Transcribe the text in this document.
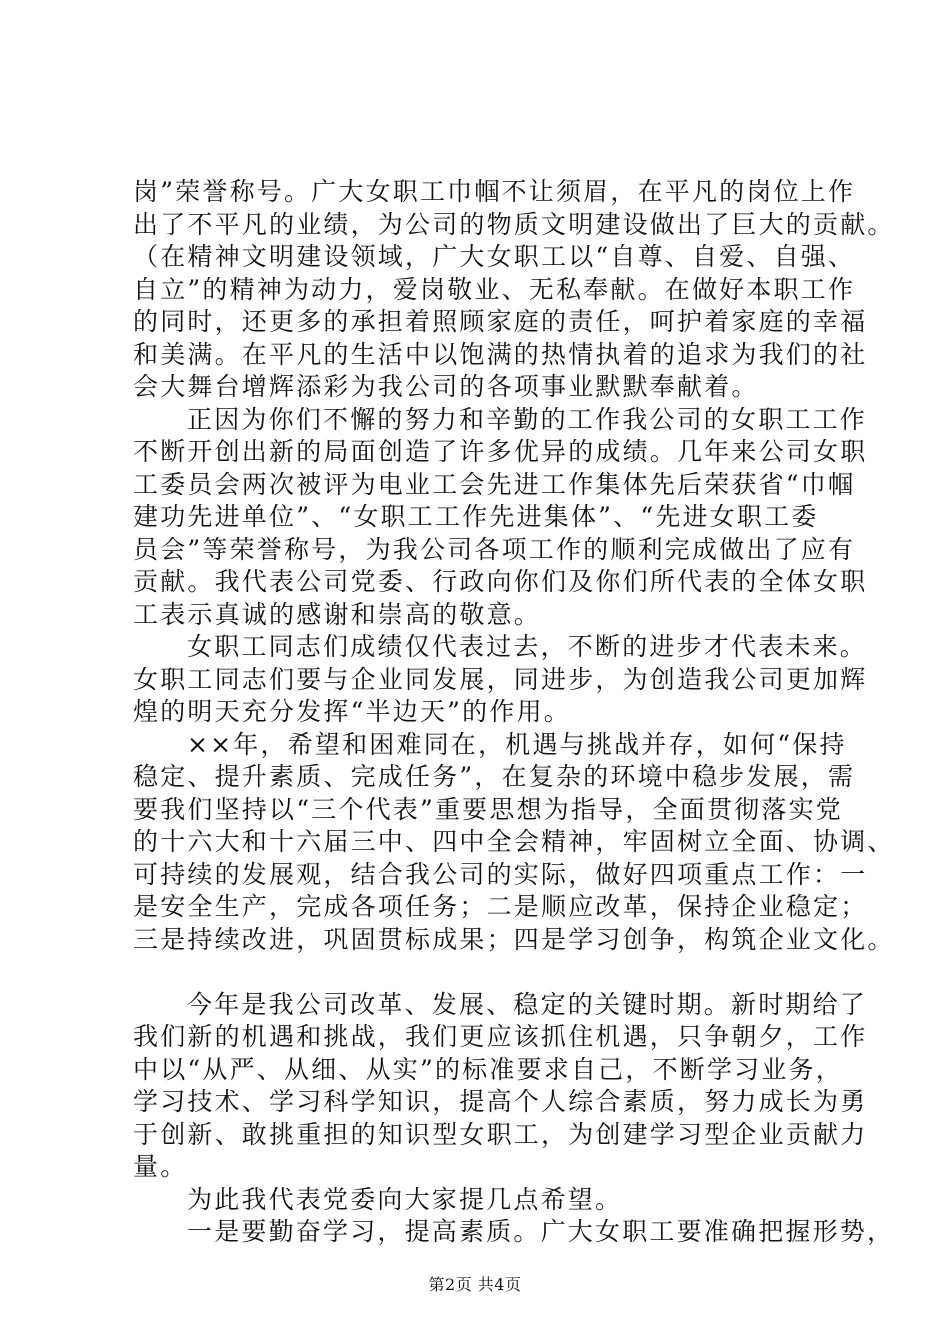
岗”荣誉称号。广大女职工巾帼不让须眉，在平凡的岗位上作
出了不平凡的业绩，为公司的物质文明建设做出了巨大的贡献。
（在精神文明建设领域，广大女职工以“自尊、自爱、自强、
自立”的精神为动力，爱岗敬业、无私奉献。在做好本职工作
的同时，还更多的承担着照顾家庭的责任，呵护着家庭的幸福
和美满。在平凡的生活中以饱满的热情执着的追求为我们的社
会大舞台增辉添彩为我公司的各项事业默默奉献着。
正因为你们不懈的努力和辛勤的工作我公司的女职工工作
不断开创出新的局面创造了许多优异的成绩。几年来公司女职
工委员会两次被评为电业工会先进工作集体先后荣获省“巾帼
建功先进单位”、“女职工工作先进集体”、“先进女职工委
员会”等荣誉称号，为我公司各项工作的顺利完成做出了应有
贡献。我代表公司党委、行政向你们及你们所代表的全体女职
工表示真诚的感谢和崇高的敬意。
女职工同志们成绩仅代表过去，不断的进步才代表未来。
女职工同志们要与企业同发展，同进步，为创造我公司更加辉
煌的明天充分发挥“半边天”的作用。
××年，希望和困难同在，机遇与挑战并存，如何“保持
稳定、提升素质、完成任务”，在复杂的环境中稳步发展，需
要我们坚持以“三个代表”重要思想为指导，全面贯彻落实党
的十六大和十六届三中、四中全会精神，牢固树立全面、协调、
可持续的发展观，结合我公司的实际，做好四项重点工作：一
是安全生产，完成各项任务；二是顺应改革，保持企业稳定；
三是持续改进，巩固贯标成果；四是学习创争，构筑企业文化。
今年是我公司改革、发展、稳定的关键时期。新时期给了
我们新的机遇和挑战，我们更应该抓住机遇，只争朝夕，工作
中以“从严、从细、从实”的标准要求自己，不断学习业务，
学习技术、学习科学知识，提高个人综合素质，努力成长为勇
于创新、敢挑重担的知识型女职工，为创建学习型企业贡献力
量。
为此我代表党委向大家提几点希望。
一是要勤奋学习，提高素质。广大女职工要准确把握形势，
第2页 共4页
